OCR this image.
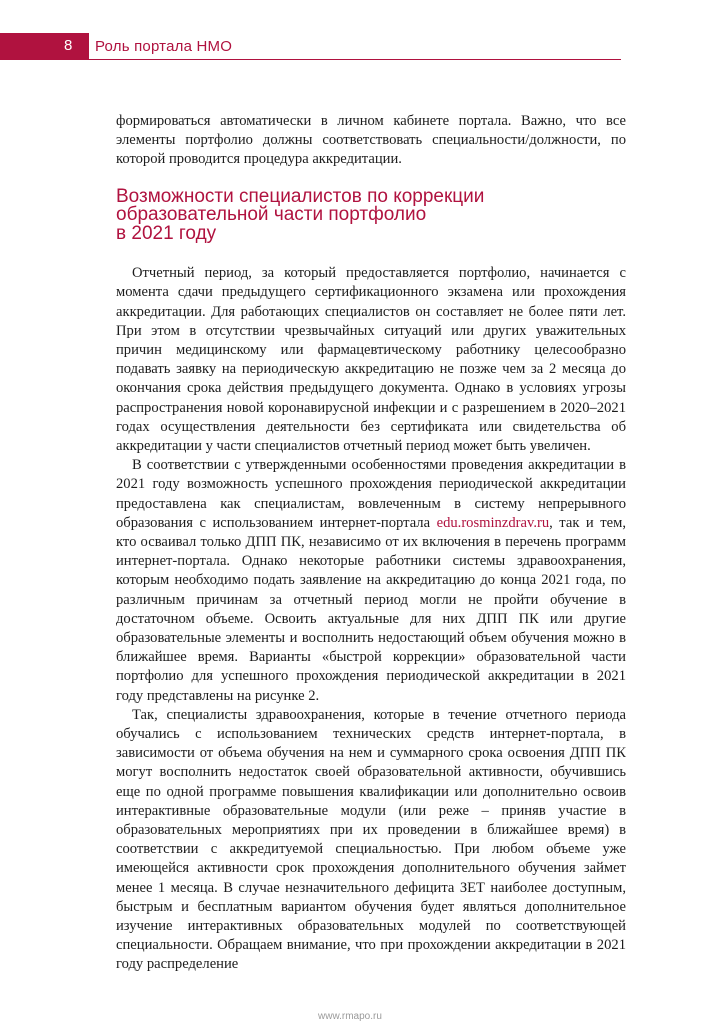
8	Роль портала НМО

формироваться автоматически в личном кабинете портала. Важно, что все элементы портфолио должны соответствовать специальности/должности, по которой проводится процедура аккредитации.

Возможности специалистов по коррекции
образовательной части портфолио
в 2021 году

Отчетный период, за который предоставляется портфолио, начинается с момента сдачи предыдущего сертификационного экзамена или прохождения аккредитации. Для работающих специалистов он составляет не более пяти лет. При этом в отсутствии чрезвычайных ситуаций или других уважительных причин медицинскому или фармацевтическому работнику целесообразно подавать заявку на периодическую аккредитацию не позже чем за 2 месяца до окончания срока действия предыдущего документа. Однако в условиях угрозы распространения новой коронавирусной инфекции и с разрешением в 2020–2021 годах осуществления деятельности без сертификата или свидетельства об аккредитации у части специалистов отчетный период может быть увеличен.

В соответствии с утвержденными особенностями проведения аккредитации в 2021 году возможность успешного прохождения периодической аккредитации предоставлена как специалистам, вовлеченным в систему непрерывного образования с использованием интернет-портала edu.rosminzdrav.ru, так и тем, кто осваивал только ДПП ПК, независимо от их включения в перечень программ интернет-портала. Однако некоторые работники системы здравоохранения, которым необходимо подать заявление на аккредитацию до конца 2021 года, по различным причинам за отчетный период могли не пройти обучение в достаточном объеме. Освоить актуальные для них ДПП ПК или другие образовательные элементы и восполнить недостающий объем обучения можно в ближайшее время. Варианты «быстрой коррекции» образовательной части портфолио для успешного прохождения периодической аккредитации в 2021 году представлены на рисунке 2.

Так, специалисты здравоохранения, которые в течение отчетного периода обучались с использованием технических средств интернет-портала, в зависимости от объема обучения на нем и суммарного срока освоения ДПП ПК могут восполнить недостаток своей образовательной активности, обучившись еще по одной программе повышения квалификации или дополнительно освоив интерактивные образовательные модули (или реже – приняв участие в образовательных мероприятиях при их проведении в ближайшее время) в соответствии с аккредитуемой специальностью. При любом объеме уже имеющейся активности срок прохождения дополнительного обучения займет менее 1 месяца. В случае незначительного дефицита ЗЕТ наиболее доступным, быстрым и бесплатным вариантом обучения будет являться дополнительное изучение интерактивных образовательных модулей по соответствующей специальности. Обращаем внимание, что при прохождении аккредитации в 2021 году распределение

www.rmapo.ru
